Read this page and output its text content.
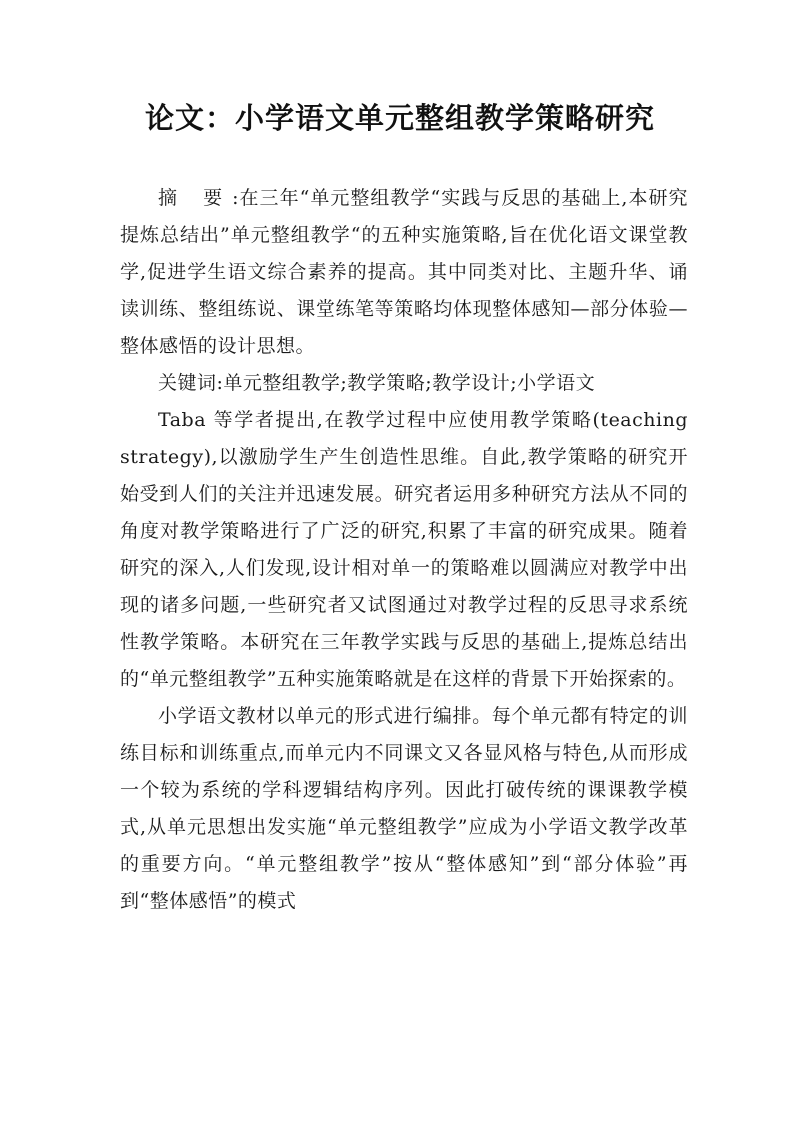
论文：小学语文单元整组教学策略研究

摘 要:在三年“单元整组教学“实践与反思的基础上,本研究提炼总结出”单元整组教学“的五种实施策略,旨在优化语文课堂教学,促进学生语文综合素养的提高。其中同类对比、主题升华、诵读训练、整组练说、课堂练笔等策略均体现整体感知—部分体验—整体感悟的设计思想。

关键词:单元整组教学;教学策略;教学设计;小学语文

Taba 等学者提出,在教学过程中应使用教学策略(teaching strategy),以激励学生产生创造性思维。自此,教学策略的研究开始受到人们的关注并迅速发展。研究者运用多种研究方法从不同的角度对教学策略进行了广泛的研究,积累了丰富的研究成果。随着研究的深入,人们发现,设计相对单一的策略难以圆满应对教学中出现的诸多问题,一些研究者又试图通过对教学过程的反思寻求系统性教学策略。本研究在三年教学实践与反思的基础上,提炼总结出的“单元整组教学”五种实施策略就是在这样的背景下开始探索的。

小学语文教材以单元的形式进行编排。每个单元都有特定的训练目标和训练重点,而单元内不同课文又各显风格与特色,从而形成一个较为系统的学科逻辑结构序列。因此打破传统的课课教学模式,从单元思想出发实施“单元整组教学”应成为小学语文教学改革的重要方向。“单元整组教学”按从“整体感知”到“部分体验”再到“整体感悟”的模式
